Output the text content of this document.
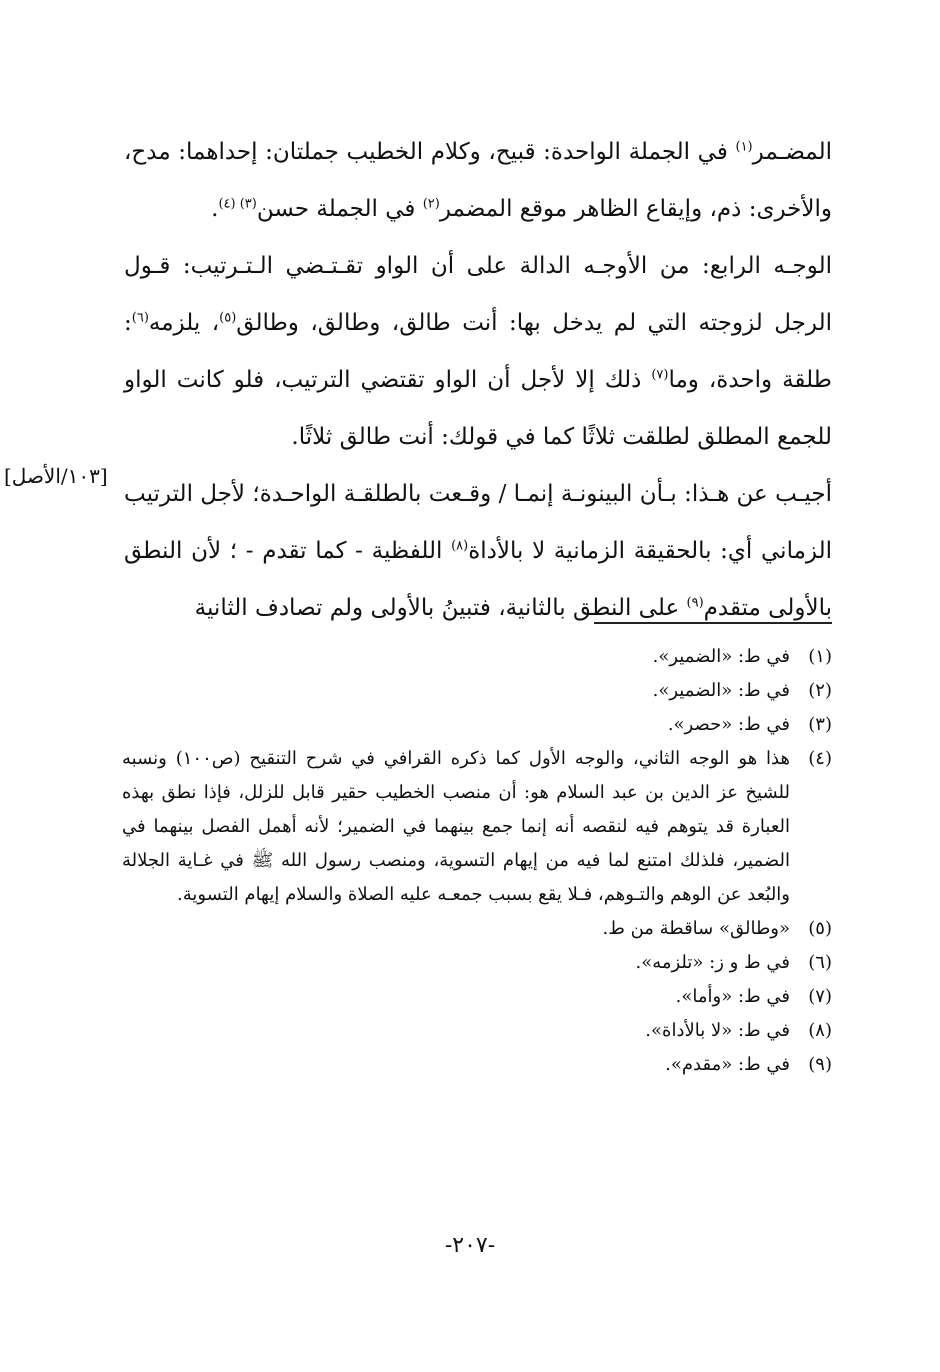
المضـمر$^{(١)}$ في الجملة الواحدة: قبيح، وكلام الخطيب جملتان: إحداهما: مدح، والأخرى: ذم، وإيقاع الظاهر موقع المضمر$^{(٢)}$ في الجملة حسن$^{(٣) (٤)}$.

الوجـه الرابع: من الأوجـه الدالة على أن الواو تقـتـضي الـتـرتيب: قـول الرجل لزوجته التي لم يدخل بها: أنت طالق، وطالق، وطالق$^{(٥)}$، يلزمه$^{(٦)}$: طلقة واحدة، وما$^{(٧)}$ ذلك إلا لأجل أن الواو تقتضي الترتيب، فلو كانت الواو للجمع المطلق لطلقت ثلاثًا كما في قولك: أنت طالق ثلاثًا.

أجيـب عن هـذا: بـأن البينونـة إنمـا / وقـعت بالطلقـة الواحـدة؛ لأجل الترتيب الزماني أي: بالحقيقة الزمانية لا بالأداة$^{(٨)}$ اللفظية - كما تقدم - ؛ لأن النطق بالأولى متقدم$^{(٩)}$ على النطق بالثانية، فتبينُ بالأولى ولم تصادف الثانية

[١٠٣/الأصل]
(١)
في ط: «الضمير».
(٢)
في ط: «الضمير».
(٣)
في ط: «حصر».
(٤)
هذا هو الوجه الثاني، والوجه الأول كما ذكره القرافي في شرح التنقيح (ص١٠٠) ونسبه للشيخ عز الدين بن عبد السلام هو: أن منصب الخطيب حقير قابل للزلل، فإذا نطق بهذه العبارة قد يتوهم فيه لنقصه أنه إنما جمع بينهما في الضمير؛ لأنه أهمل الفصل بينهما في الضمير، فلذلك امتنع لما فيه من إيهام التسوية، ومنصب رسول الله ﷺ في غـاية الجلالة والبُعد عن الوهم والتـوهم، فـلا يقع بسبب جمعـه عليه الصلاة والسلام إيهام التسوية.
(٥)
«وطالق» ساقطة من ط.
(٦)
في ط و ز: «تلزمه».
(٧)
في ط: «وأما».
(٨)
في ط: «لا بالأداة».
(٩)
في ط: «مقدم».
-٢٠٧-
